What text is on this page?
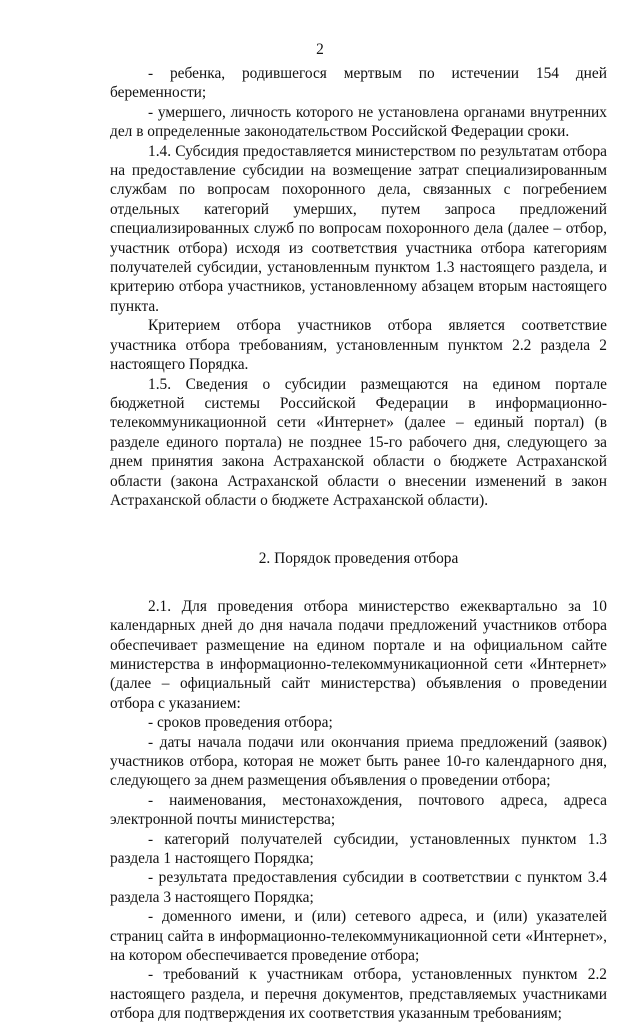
2

- ребенка, родившегося мертвым по истечении 154 дней беременности;

- умершего, личность которого не установлена органами внутренних дел в определенные законодательством Российской Федерации сроки.

1.4. Субсидия предоставляется министерством по результатам отбора на предоставление субсидии на возмещение затрат специализированным службам по вопросам похоронного дела, связанных с погребением отдельных категорий умерших, путем запроса предложений специализированных служб по вопросам похоронного дела (далее – отбор, участник отбора) исходя из соответствия участника отбора категориям получателей субсидии, установленным пунктом 1.3 настоящего раздела, и критерию отбора участников, установленному абзацем вторым настоящего пункта.

Критерием отбора участников отбора является соответствие участника отбора требованиям, установленным пунктом 2.2 раздела 2 настоящего Порядка.

1.5. Сведения о субсидии размещаются на едином портале бюджетной системы Российской Федерации в информационно-телекоммуникационной сети «Интернет» (далее – единый портал) (в разделе единого портала) не позднее 15-го рабочего дня, следующего за днем принятия закона Астраханской области о бюджете Астраханской области (закона Астраханской области о внесении изменений в закон Астраханской области о бюджете Астраханской области).

2. Порядок проведения отбора

2.1. Для проведения отбора министерство ежеквартально за 10 календарных дней до дня начала подачи предложений участников отбора обеспечивает размещение на едином портале и на официальном сайте министерства в информационно-телекоммуникационной сети «Интернет» (далее – официальный сайт министерства) объявления о проведении отбора с указанием:

- сроков проведения отбора;

- даты начала подачи или окончания приема предложений (заявок) участников отбора, которая не может быть ранее 10-го календарного дня, следующего за днем размещения объявления о проведении отбора;

- наименования, местонахождения, почтового адреса, адреса электронной почты министерства;

- категорий получателей субсидии, установленных пунктом 1.3 раздела 1 настоящего Порядка;

- результата предоставления субсидии в соответствии с пунктом 3.4 раздела 3 настоящего Порядка;

- доменного имени, и (или) сетевого адреса, и (или) указателей страниц сайта в информационно-телекоммуникационной сети «Интернет», на котором обеспечивается проведение отбора;

- требований к участникам отбора, установленных пунктом 2.2 настоящего раздела, и перечня документов, представляемых участниками отбора для подтверждения их соответствия указанным требованиям;
